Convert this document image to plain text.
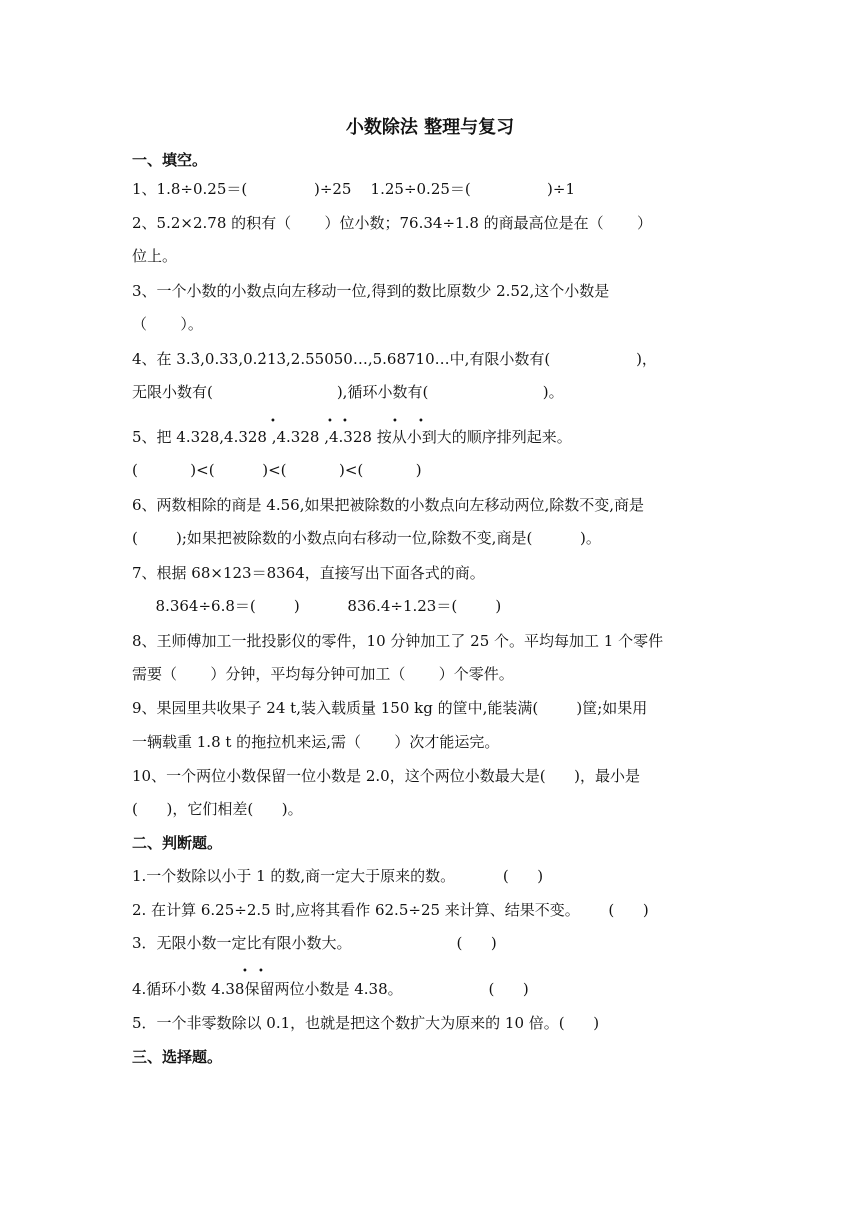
小数除法 整理与复习
一、填空。
1、1.8÷0.25＝(              )÷25    1.25÷0.25＝(                )÷1
2、5.2×2.78 的积有（       ）位小数；76.34÷1.8 的商最高位是在（       ）
位上。
3、一个小数的小数点向左移动一位,得到的数比原数少 2.52,这个小数是
（       ）。
4、在 3.3̇,0.33,0.2̇13̇,2.55050…,5.68710…中,有限小数有(                  )，
无限小数有(                          ),循环小数有(                        )。
•	• •	• •
5、把 4.328,4.328 ,4.328 ,4.328 按从小到大的顺序排列起来。
(           )<(          )<(           )<(           )
6、两数相除的商是 4.56,如果把被除数的小数点向左移动两位,除数不变,商是
(        );如果把被除数的小数点向右移动一位,除数不变,商是(          )。
7、根据 68×123＝8364，直接写出下面各式的商。
8.364÷6.8＝(        )          836.4÷1.23＝(        )
8、王师傅加工一批投影仪的零件，10 分钟加工了 25 个。平均每加工 1 个零件
需要（       ）分钟，平均每分钟可加工（       ）个零件。
9、果园里共收果子 24 t,装入载质量 150 kg 的筐中,能装满(        )筐;如果用
一辆载重 1.8 t 的拖拉机来运,需（       ）次才能运完。
10、一个两位小数保留一位小数是 2.0，这个两位小数最大是(      )，最小是
(      )，它们相差(      )。
二、判断题。
1.一个数除以小于 1 的数,商一定大于原来的数。          (      )
2. 在计算 6.25÷2.5 时,应将其看作 62.5÷25 来计算、结果不变。      (      )
3．无限小数一定比有限小数大。                      (      )
• •
4.循环小数 4.38保留两位小数是 4.38。                  (      )
5．一个非零数除以 0.1，也就是把这个数扩大为原来的 10 倍。(      )
三、选择题。
